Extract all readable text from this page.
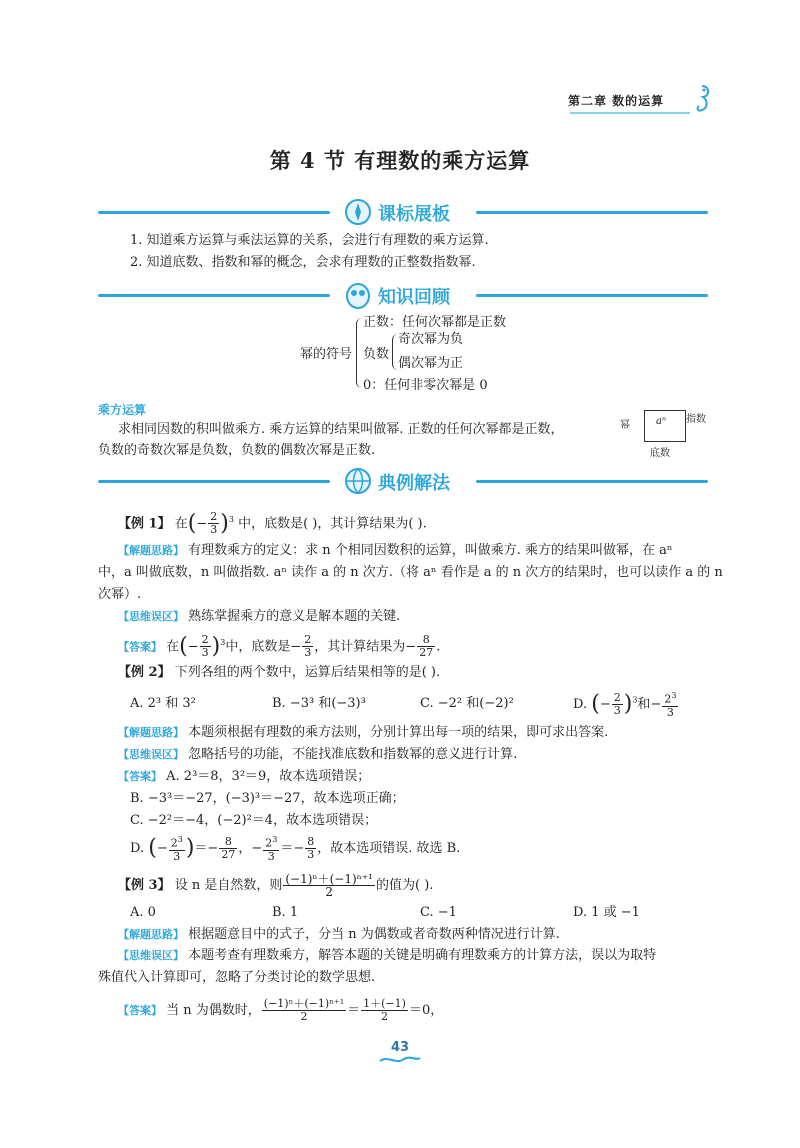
第二章 数的运算
第 4 节 有理数的乘方运算
课标展板
1. 知道乘方运算与乘法运算的关系，会进行有理数的乘方运算.
2. 知道底数、指数和幂的概念，会求有理数的正整数指数幂.
知识回顾
幂的符号
正数：任何次幂都是正数
负数
奇次幂为负
偶次幂为正
0：任何非零次幂是 0
乘方运算
求相同因数的积叫做乘方. 乘方运算的结果叫做幂. 正数的任何次幂都是正数，
负数的奇数次幂是负数，负数的偶数次幂是正数.
aⁿ
幂
指数
底数
典例解法
【例 1】 在(− $\frac{2}{3} )^3$ 中，底数是( )，其计算结果为( ).
【解题思路】 有理数乘方的定义：求 n 个相同因数积的运算，叫做乘方. 乘方的结果叫做幂，在 aⁿ
中，a 叫做底数，n 叫做指数. aⁿ 读作 a 的 n 次方.（将 aⁿ 看作是 a 的 n 次方的结果时，也可以读作 a 的 n
次幂）.
【思维误区】 熟练掌握乘方的意义是解本题的关键.
【答案】 在(− $\frac{2}{3} )^3$中，底数是− $\frac{2}{3}$ ，其计算结果为− $\frac{8}{27}$ .
【例 2】 下列各组的两个数中，运算后结果相等的是( ).
A. 2³ 和 3²	B. −3³ 和(−3)³	C. −2² 和(−2)²	D. (− $\frac{2}{3} )^3$和− $\frac{2^3}{3}$
【解题思路】 本题须根据有理数的乘方法则，分别计算出每一项的结果，即可求出答案.
【思维误区】 忽略括号的功能，不能找准底数和指数幂的意义进行计算.
【答案】 A. 2³＝8，3²＝9，故本选项错误；
B. −3³＝−27，(−3)³＝−27，故本选项正确；
C. −2²＝−4，(−2)²＝4，故本选项错误；
D. (− $\frac{2^3}{3}$ )＝− $\frac{8}{27}$ ，− $\frac{2^3}{3} =- \frac{8}{3}$ ，故本选项错误. 故选 B.
【例 3】 设 n 是自然数，则 $\frac{\text{(−1)ⁿ＋(−1)ⁿ⁺¹}}{2}$ 的值为( ).
A. 0	B. 1	C. −1	D. 1 或 −1
【解题思路】 根据题意目中的式子，分当 n 为偶数或者奇数两种情况进行计算.
【思维误区】 本题考查有理数乘方，解答本题的关键是明确有理数乘方的计算方法，误以为取特
殊值代入计算即可，忽略了分类讨论的数学思想.
【答案】 当 n 为偶数时， $\frac{\text{(−1)ⁿ＋(−1)ⁿ⁺¹}}{2} = \frac{1+(-1)}{2} =0$，
43
